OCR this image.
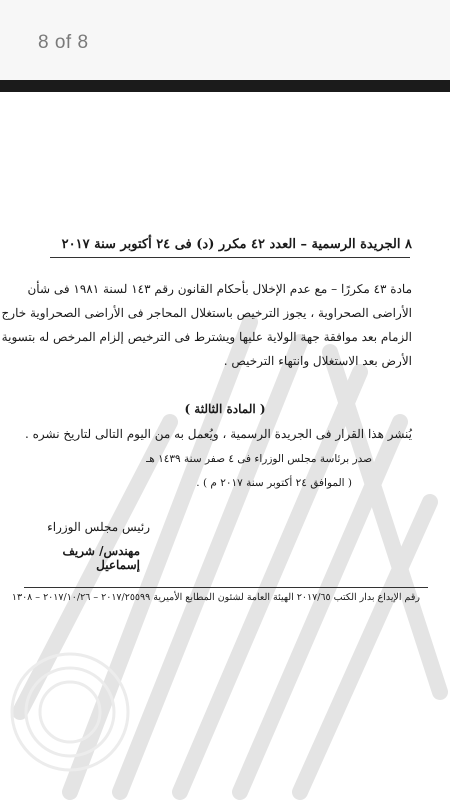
8 of 8
٨ الجريدة الرسمية – العدد ٤٢ مكرر (د) فى ٢٤ أكتوبر سنة ٢٠١٧
مادة ٤٣ مكررًا – مع عدم الإخلال بأحكام القانون رقم ١٤٣ لسنة ١٩٨١ فى شأن
الأراضى الصحراوية ، يجوز الترخيص باستغلال المحاجر فى الأراضى الصحراوية خارج
الزمام بعد موافقة جهة الولاية عليها ويشترط فى الترخيص إلزام المرخص له بتسوية
الأرض بعد الاستغلال وانتهاء الترخيص .
( المادة الثالثة )
يُنشر هذا القرار فى الجريدة الرسمية ، ويُعمل به من اليوم التالى لتاريخ نشره .
صدر برئاسة مجلس الوزراء فى ٤ صفر سنة ١٤٣٩ هـ
( الموافق ٢٤ أكتوبر سنة ٢٠١٧ م ) .
رئيس مجلس الوزراء
مهندس/ شريف إسماعيل
رقم الإيداع بدار الكتب ٢٠١٧/٦٥ الهيئة العامة لشئون المطابع الأميرية ٢٠١٧/٢٥٥٩٩ – ٢٠١٧/١٠/٢٦ – ١٣٠٨
